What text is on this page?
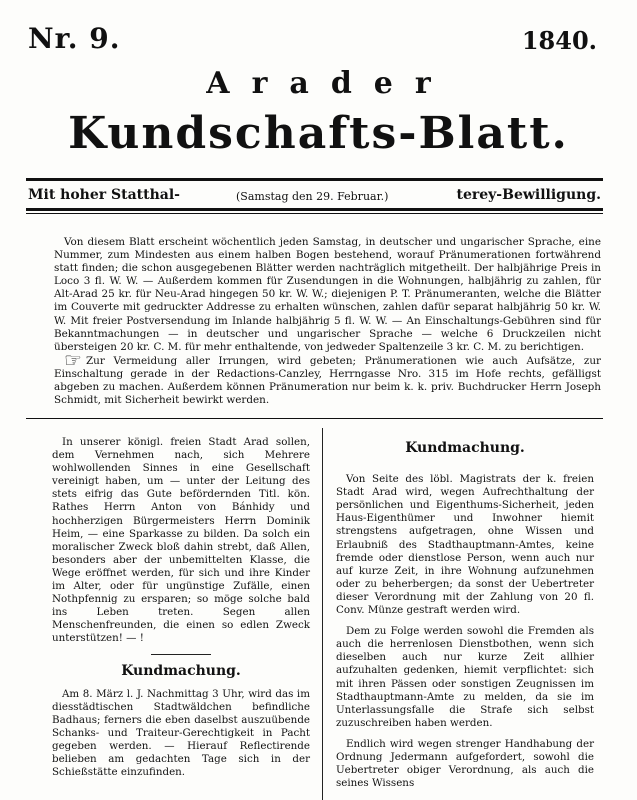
Nr. 9.	1840.
Arader
Kundschafts-Blatt.
Mit hoher Statthal-	(Samstag den 29. Februar.)	terey-Bewilligung.

Von diesem Blatt erscheint wöchentlich jeden Samstag, in deutscher und ungarischer Sprache, eine Nummer, zum Mindesten aus einem halben Bogen bestehend, worauf Pränumerationen fortwährend statt finden; die schon ausgegebenen Blätter werden nachträglich mitgetheilt. Der halbjährige Preis in Loco 3 fl. W. W. — Außerdem kommen für Zusendungen in die Wohnungen, halbjährig zu zahlen, für Alt-Arad 25 kr. für Neu-Arad hingegen 50 kr. W. W.; diejenigen P. T. Pränumeranten, welche die Blätter im Couverte mit gedruckter Addresse zu erhalten wünschen, zahlen dafür separat halbjährig 50 kr. W. W. Mit freier Postversendung im Inlande halbjährig 5 fl. W. W. — An Einschaltungs-Gebühren sind für Bekanntmachungen — in deutscher und ungarischer Sprache — welche 6 Druckzeilen nicht übersteigen 20 kr. C. M. für mehr enthaltende, von jedweder Spaltenzeile 3 kr. C. M. zu berichtigen.

☞ Zur Vermeidung aller Irrungen, wird gebeten; Pränumerationen wie auch Aufsätze, zur Einschaltung gerade in der Redactions-Canzley, Herrngasse Nro. 315 im Hofe rechts, gefälligst abgeben zu machen. Außerdem können Pränumeration nur beim k. k. priv. Buchdrucker Herrn Joseph Schmidt, mit Sicherheit bewirkt werden.

In unserer königl. freien Stadt Arad sollen, dem Vernehmen nach, sich Mehrere wohlwollenden Sinnes in eine Gesellschaft vereinigt haben, um — unter der Leitung des stets eifrig das Gute befördernden Titl. kön. Rathes Herrn Anton von Bánhidy und hochherzigen Bürgermeisters Herrn Dominik Heim, — eine Sparkasse zu bilden. Da solch ein moralischer Zweck bloß dahin strebt, daß Allen, besonders aber der unbemittelten Klasse, die Wege eröffnet werden, für sich und ihre Kinder im Alter, oder für ungünstige Zufälle, einen Nothpfennig zu ersparen; so möge solche bald ins Leben treten. Segen allen Menschenfreunden, die einen so edlen Zweck unterstützen! — !

Kundmachung.

Am 8. März l. J. Nachmittag 3 Uhr, wird das im diesstädtischen Stadtwäldchen befindliche Badhaus; ferners die eben daselbst auszuübende Schanks- und Traiteur-Gerechtigkeit in Pacht gegeben werden. — Hierauf Reflectirende belieben am gedachten Tage sich in der Schießstätte einzufinden.

Kundmachung.

Von Seite des löbl. Magistrats der k. freien Stadt Arad wird, wegen Aufrechthaltung der persönlichen und Eigenthums-Sicherheit, jeden Haus-Eigenthümer und Inwohner hiemit strengstens aufgetragen, ohne Wissen und Erlaubniß des Stadthauptmann-Amtes, keine fremde oder dienstlose Person, wenn auch nur auf kurze Zeit, in ihre Wohnung aufzunehmen oder zu beherbergen; da sonst der Uebertreter dieser Verordnung mit der Zahlung von 20 fl. Conv. Münze gestraft werden wird.

Dem zu Folge werden sowohl die Fremden als auch die herrenlosen Dienstbothen, wenn sich dieselben auch nur kurze Zeit allhier aufzuhalten gedenken, hiemit verpflichtet: sich mit ihren Pässen oder sonstigen Zeugnissen im Stadthauptmann-Amte zu melden, da sie im Unterlassungsfalle die Strafe sich selbst zuzuschreiben haben werden.

Endlich wird wegen strenger Handhabung der Ordnung Jedermann aufgefordert, sowohl die Uebertreter obiger Verordnung, als auch die seines Wissens
